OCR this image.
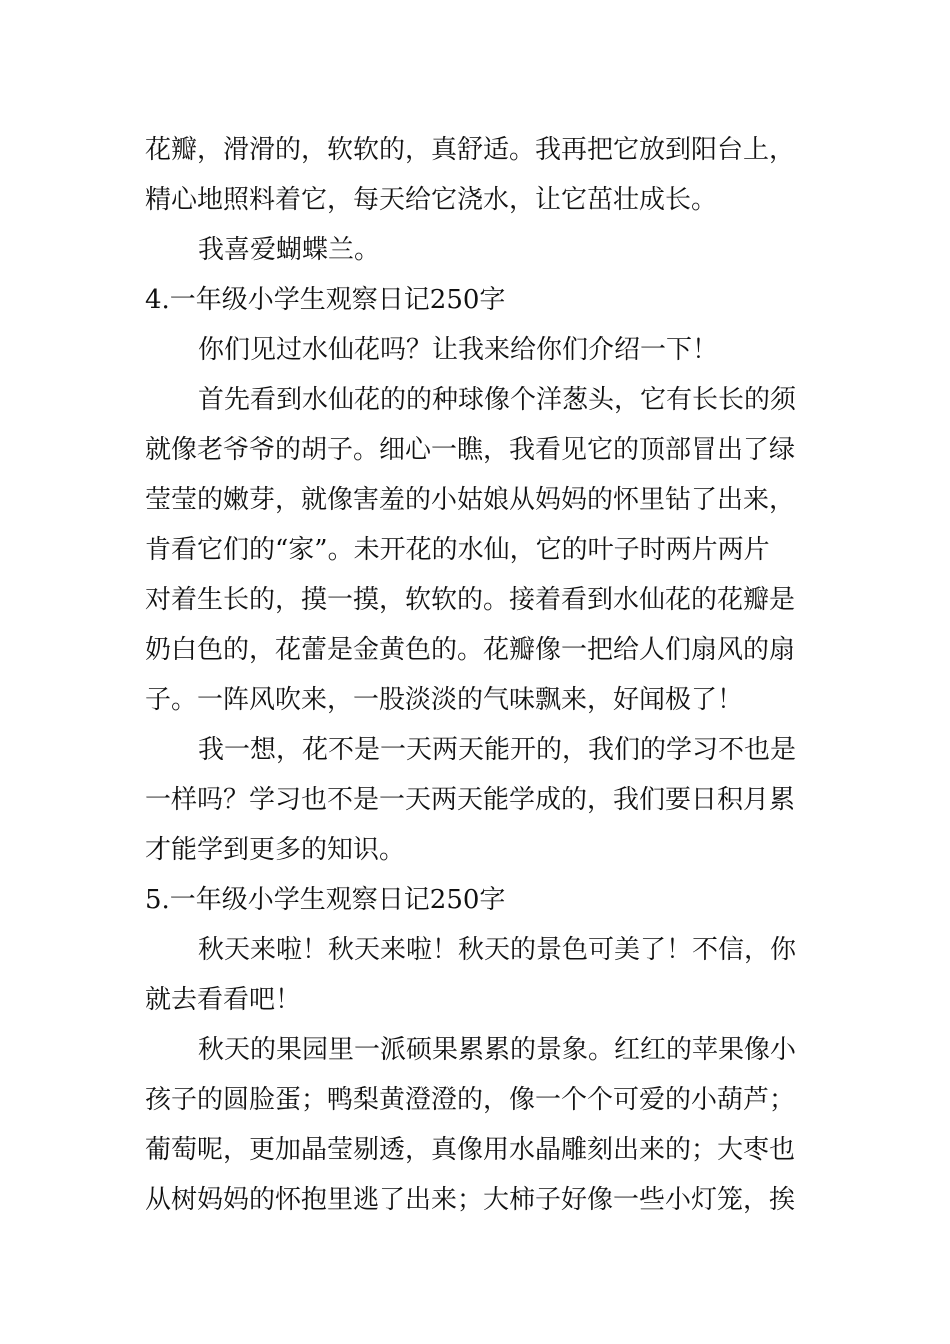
花瓣，滑滑的，软软的，真舒适。我再把它放到阳台上，
精心地照料着它，每天给它浇水，让它茁壮成长。
我喜爱蝴蝶兰。
4.一年级小学生观察日记250字
你们见过水仙花吗？让我来给你们介绍一下！
首先看到水仙花的的种球像个洋葱头，它有长长的须
就像老爷爷的胡子。细心一瞧，我看见它的顶部冒出了绿
莹莹的嫩芽，就像害羞的小姑娘从妈妈的怀里钻了出来，
肯看它们的“家”。未开花的水仙，它的叶子时两片两片
对着生长的，摸一摸，软软的。接着看到水仙花的花瓣是
奶白色的，花蕾是金黄色的。花瓣像一把给人们扇风的扇
子。一阵风吹来，一股淡淡的气味飘来，好闻极了！
我一想，花不是一天两天能开的，我们的学习不也是
一样吗？学习也不是一天两天能学成的，我们要日积月累
才能学到更多的知识。
5.一年级小学生观察日记250字
秋天来啦！秋天来啦！秋天的景色可美了！不信，你
就去看看吧！
秋天的果园里一派硕果累累的景象。红红的苹果像小
孩子的圆脸蛋；鸭梨黄澄澄的，像一个个可爱的小葫芦；
葡萄呢，更加晶莹剔透，真像用水晶雕刻出来的；大枣也
从树妈妈的怀抱里逃了出来；大柿子好像一些小灯笼，挨
